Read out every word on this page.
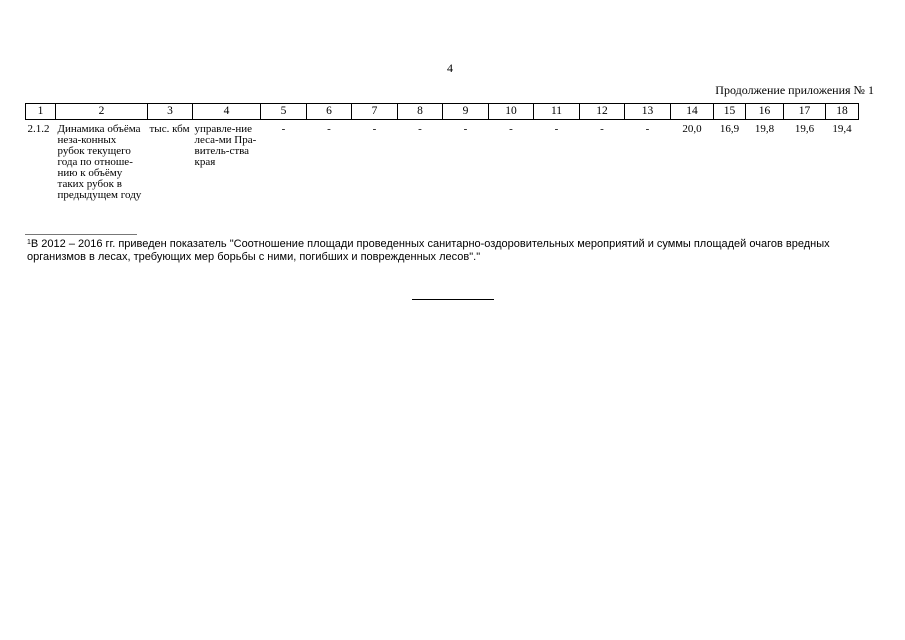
4
Продолжение приложения № 1
1	2	3	4	5	6	7	8	9	10	11	12	13	14	15	16	17	18
2.1.2	Динамика объёма неза-конных рубок текущего года по отноше-нию к объёму таких рубок в предыдущем году	тыс. кбм	управле-ние леса-ми Пра-витель-ства края	-	-	-	-	-	-	-	-	-	20,0	16,9	19,8	19,6	19,4
$^1$В 2012 – 2016 гг. приведен показатель "Соотношение площади проведенных санитарно-оздоровительных мероприятий и суммы площадей очагов вредных организмов в лесах, требующих мер борьбы с ними, погибших и поврежденных лесов"."
